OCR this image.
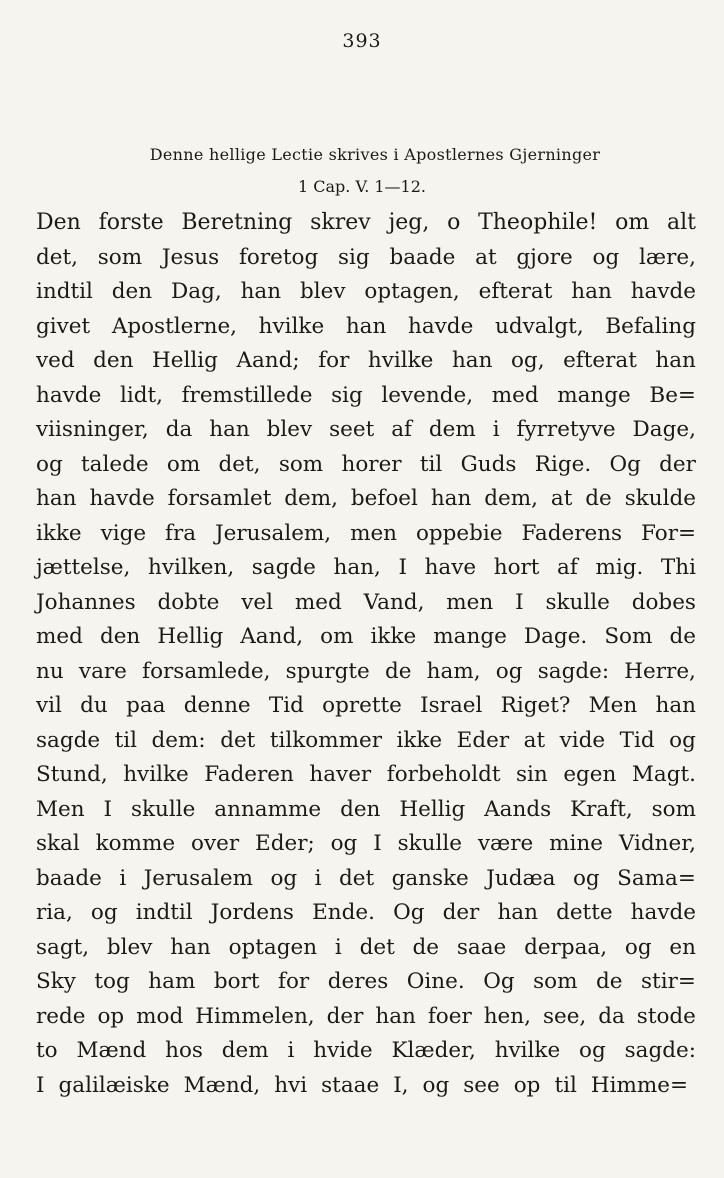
393
Denne hellige Lectie skrives i Apostlernes Gjerninger
1 Cap. V. 1—12.
Den forste Beretning skrev jeg, o Theophile! om alt
det, som Jesus foretog sig baade at gjore og lære,
indtil den Dag, han blev optagen, efterat han havde
givet Apostlerne, hvilke han havde udvalgt, Befaling
ved den Hellig Aand; for hvilke han og, efterat han
havde lidt, fremstillede sig levende, med mange Be=
viisninger, da han blev seet af dem i fyrretyve Dage,
og talede om det, som horer til Guds Rige. Og der
han havde forsamlet dem, befoel han dem, at de skulde
ikke vige fra Jerusalem, men oppebie Faderens For=
jættelse, hvilken, sagde han, I have hort af mig. Thi
Johannes dobte vel med Vand, men I skulle dobes
med den Hellig Aand, om ikke mange Dage. Som de
nu vare forsamlede, spurgte de ham, og sagde: Herre,
vil du paa denne Tid oprette Israel Riget? Men han
sagde til dem: det tilkommer ikke Eder at vide Tid og
Stund, hvilke Faderen haver forbeholdt sin egen Magt.
Men I skulle annamme den Hellig Aands Kraft, som
skal komme over Eder; og I skulle være mine Vidner,
baade i Jerusalem og i det ganske Judæa og Sama=
ria, og indtil Jordens Ende. Og der han dette havde
sagt, blev han optagen i det de saae derpaa, og en
Sky tog ham bort for deres Oine. Og som de stir=
rede op mod Himmelen, der han foer hen, see, da stode
to Mænd hos dem i hvide Klæder, hvilke og sagde:
I galilæiske Mænd, hvi staae I, og see op til Himme=
